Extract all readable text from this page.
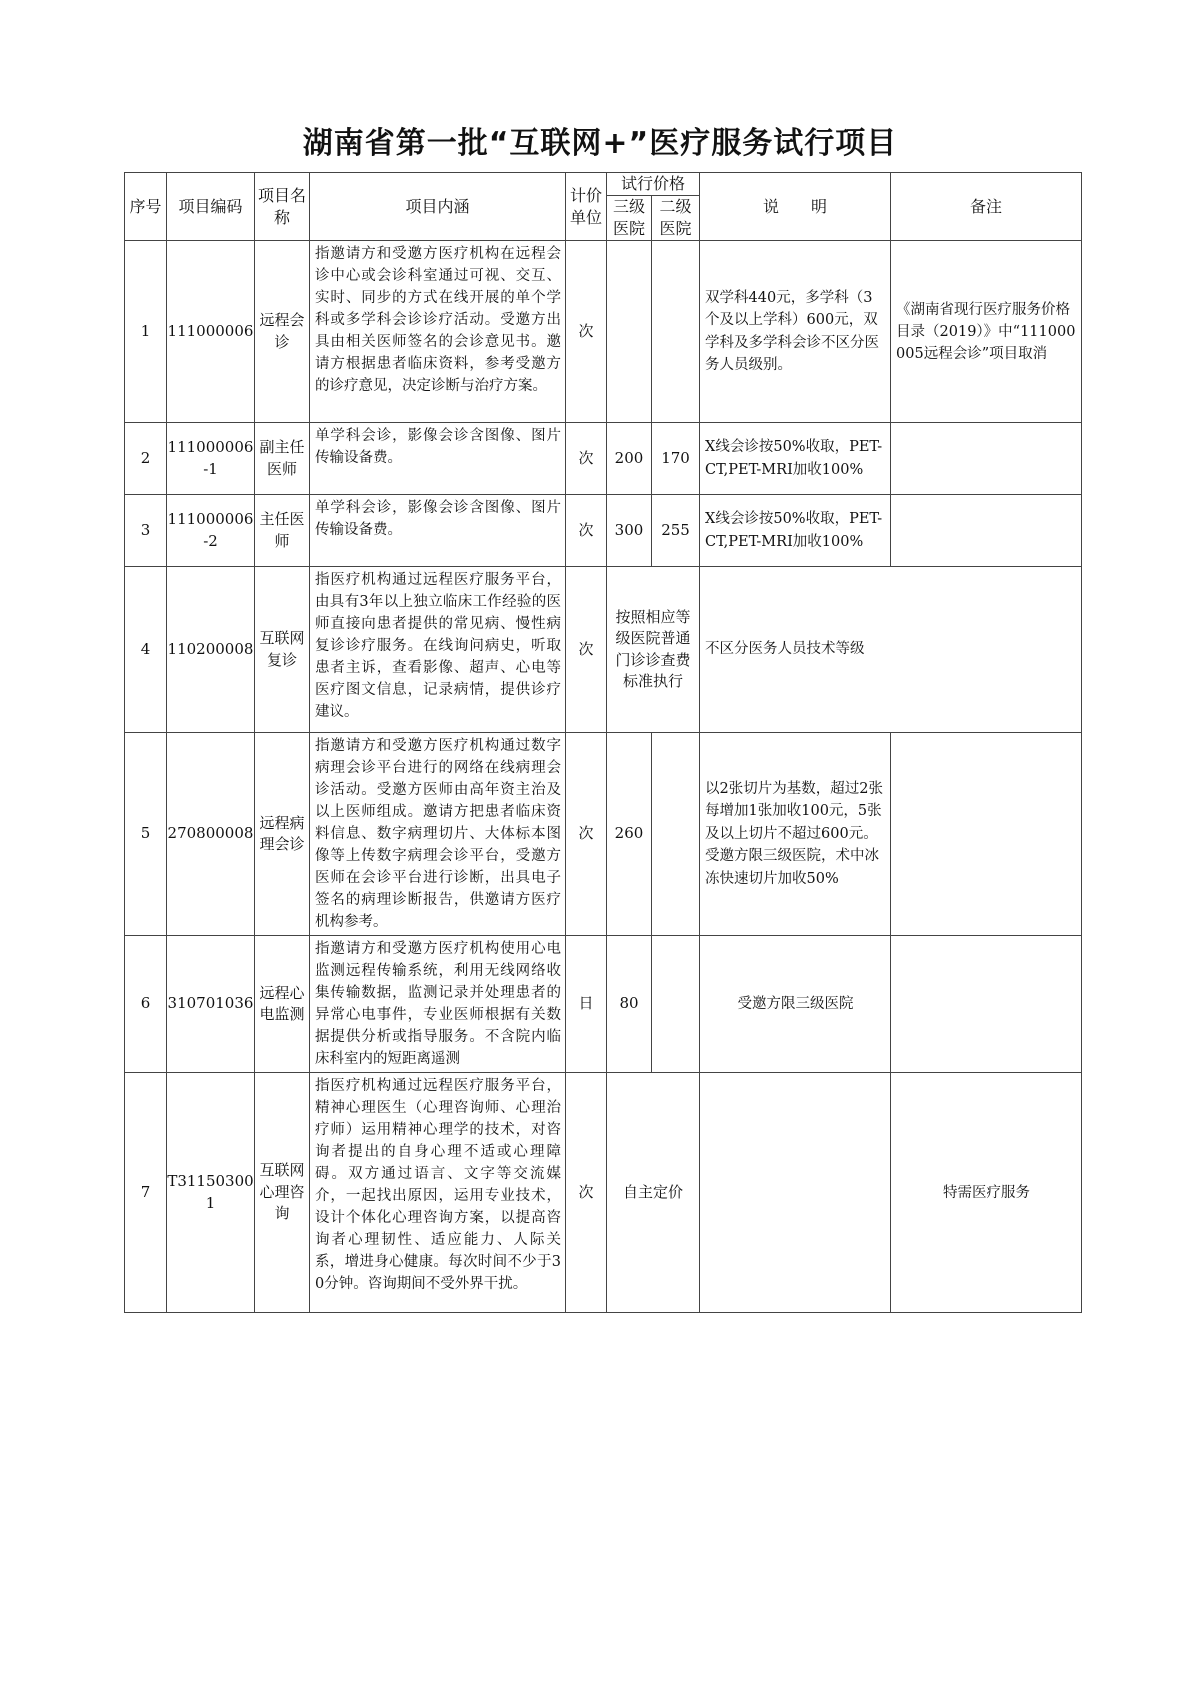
湖南省第一批“互联网+”医疗服务试行项目
序号	项目编码	项目名称	项目内涵	计价单位	试行价格		说　　明	备注
					三级医院	二级医院		
1	111000006	远程会诊	指邀请方和受邀方医疗机构在远程会诊中心或会诊科室通过可视、交互、实时、同步的方式在线开展的单个学科或多学科会诊诊疗活动。受邀方出具由相关医师签名的会诊意见书。邀请方根据患者临床资料，参考受邀方的诊疗意见，决定诊断与治疗方案。	次			双学科440元，多学科（3个及以上学科）600元，双学科及多学科会诊不区分医务人员级别。	《湖南省现行医疗服务价格目录（2019）》中“111000005远程会诊”项目取消
2	111000006-1	副主任医师	单学科会诊，影像会诊含图像、图片传输设备费。	次	200	170	X线会诊按50%收取，PET-CT,PET-MRI加收100%	
3	111000006-2	主任医师	单学科会诊，影像会诊含图像、图片传输设备费。	次	300	255	X线会诊按50%收取，PET-CT,PET-MRI加收100%	
4	110200008	互联网复诊	指医疗机构通过远程医疗服务平台，由具有3年以上独立临床工作经验的医师直接向患者提供的常见病、慢性病复诊诊疗服务。在线询问病史，听取患者主诉，查看影像、超声、心电等医疗图文信息，记录病情，提供诊疗建议。	次	按照相应等级医院普通门诊诊查费标准执行		不区分医务人员技术等级	
5	270800008	远程病理会诊	指邀请方和受邀方医疗机构通过数字病理会诊平台进行的网络在线病理会诊活动。受邀方医师由高年资主治及以上医师组成。邀请方把患者临床资料信息、数字病理切片、大体标本图像等上传数字病理会诊平台，受邀方医师在会诊平台进行诊断，出具电子签名的病理诊断报告，供邀请方医疗机构参考。	次	260		以2张切片为基数，超过2张每增加1张加收100元，5张及以上切片不超过600元。受邀方限三级医院，术中冰冻快速切片加收50%	
6	310701036	远程心电监测	指邀请方和受邀方医疗机构使用心电监测远程传输系统，利用无线网络收集传输数据，监测记录并处理患者的异常心电事件，专业医师根据有关数据提供分析或指导服务。不含院内临床科室内的短距离遥测	日	80		受邀方限三级医院	
7	T311503001	互联网心理咨询	指医疗机构通过远程医疗服务平台，精神心理医生（心理咨询师、心理治疗师）运用精神心理学的技术，对咨询者提出的自身心理不适或心理障碍。双方通过语言、文字等交流媒介，一起找出原因，运用专业技术，设计个体化心理咨询方案，以提高咨询者心理韧性、适应能力、人际关系，增进身心健康。每次时间不少于30分钟。咨询期间不受外界干扰。	次	自主定价			特需医疗服务
